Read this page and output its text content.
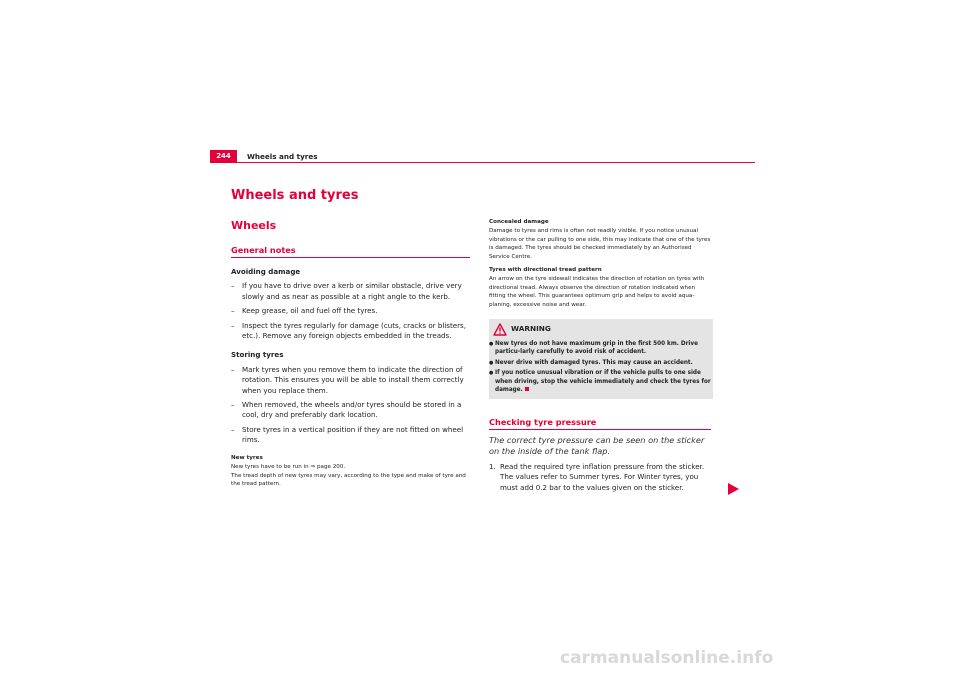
244	Wheels and tyres
Wheels and tyres
Wheels
General notes
Avoiding damage
– If you have to drive over a kerb or similar obstacle, drive very slowly and as near as possible at a right angle to the kerb.
– Keep grease, oil and fuel off the tyres.
– Inspect the tyres regularly for damage (cuts, cracks or blisters, etc.). Remove any foreign objects embedded in the treads.
Storing tyres
– Mark tyres when you remove them to indicate the direction of rotation. This ensures you will be able to install them correctly when you replace them.
– When removed, the wheels and/or tyres should be stored in a cool, dry and preferably dark location.
– Store tyres in a vertical position if they are not fitted on wheel rims.
New tyres
New tyres have to be run in ⇒ page 200.
The tread depth of new tyres may vary, according to the type and make of tyre and the tread pattern.
Concealed damage
Damage to tyres and rims is often not readily visible. If you notice unusual vibrations or the car pulling to one side, this may indicate that one of the tyres is damaged. The tyres should be checked immediately by an Authorised Service Centre.
Tyres with directional tread pattern
An arrow on the tyre sidewall indicates the direction of rotation on tyres with directional tread. Always observe the direction of rotation indicated when fitting the wheel. This guarantees optimum grip and helps to avoid aqua-planing, excessive noise and wear.
WARNING
● New tyres do not have maximum grip in the first 500 km. Drive particu-larly carefully to avoid risk of accident.
● Never drive with damaged tyres. This may cause an accident.
● If you notice unusual vibration or if the vehicle pulls to one side when driving, stop the vehicle immediately and check the tyres for damage.
Checking tyre pressure
The correct tyre pressure can be seen on the sticker on the inside of the tank flap.
1. Read the required tyre inflation pressure from the sticker. The values refer to Summer tyres. For Winter tyres, you must add 0.2 bar to the values given on the sticker.
carmanualsonline.info
